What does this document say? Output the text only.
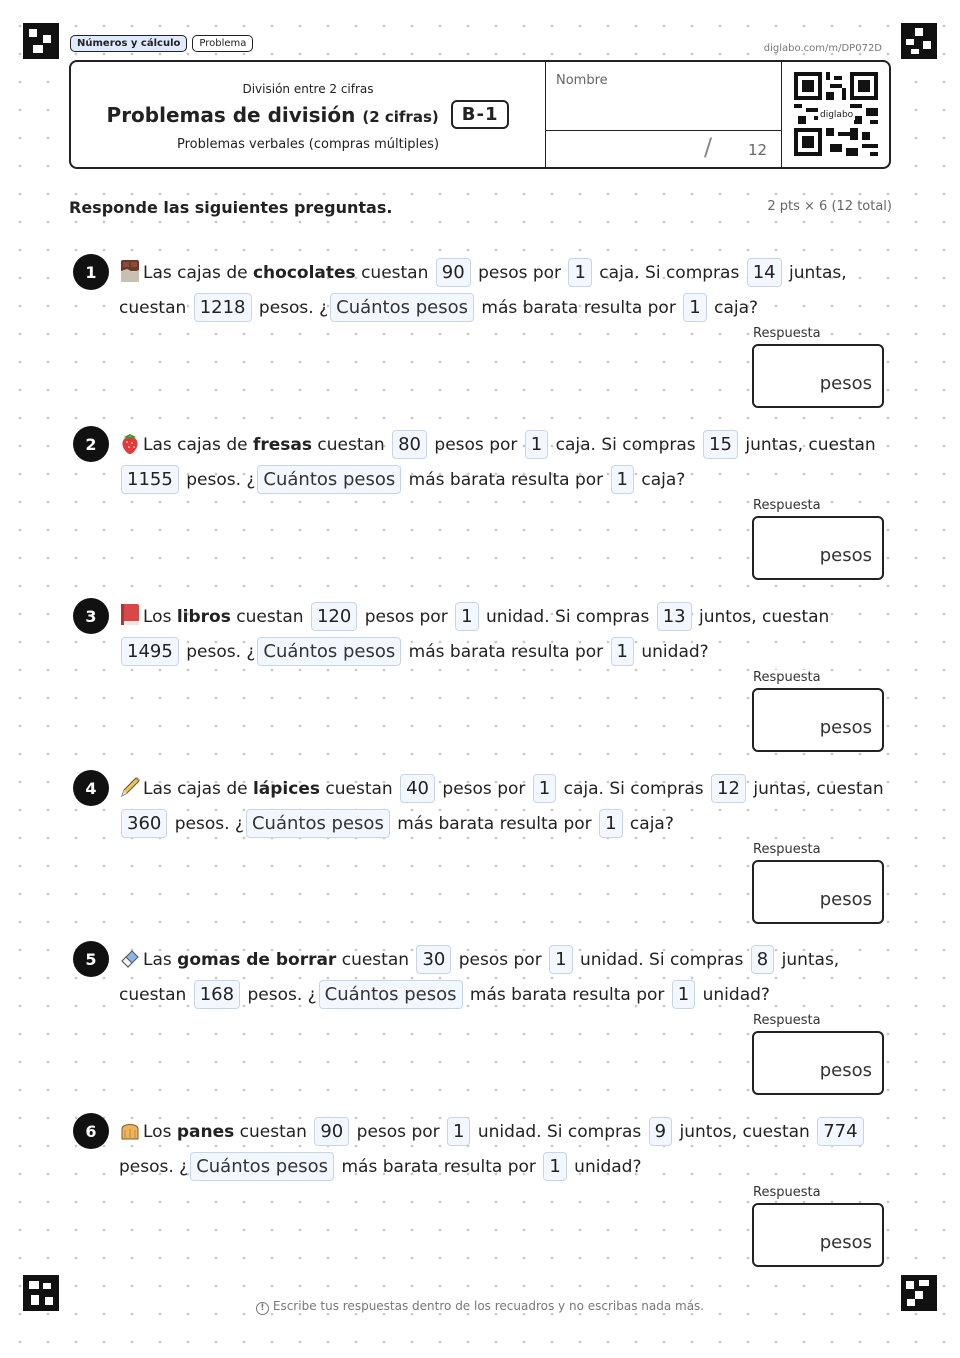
Números y cálculo	Problema	diglabo.com/m/DP072D
División entre 2 cifras
Problemas de división (2 cifras)	B-1
Problemas verbales (compras múltiples)
Nombre
/ 12
diglabo
Responde las siguientes preguntas.	2 pts × 6 (12 total)
1	Las cajas de chocolates cuestan 90 pesos por 1 caja. Si compras 14 juntas, cuestan 1218 pesos. ¿ Cuántos pesos más barata resulta por 1 caja?
Respuesta
pesos
2	Las cajas de fresas cuestan 80 pesos por 1 caja. Si compras 15 juntas, cuestan 1155 pesos. ¿ Cuántos pesos más barata resulta por 1 caja?
Respuesta
pesos
3	Los libros cuestan 120 pesos por 1 unidad. Si compras 13 juntos, cuestan 1495 pesos. ¿ Cuántos pesos más barata resulta por 1 unidad?
Respuesta
pesos
4	Las cajas de lápices cuestan 40 pesos por 1 caja. Si compras 12 juntas, cuestan 360 pesos. ¿ Cuántos pesos más barata resulta por 1 caja?
Respuesta
pesos
5	Las gomas de borrar cuestan 30 pesos por 1 unidad. Si compras 8 juntas, cuestan 168 pesos. ¿ Cuántos pesos más barata resulta por 1 unidad?
Respuesta
pesos
6	Los panes cuestan 90 pesos por 1 unidad. Si compras 9 juntos, cuestan 774 pesos. ¿ Cuántos pesos más barata resulta por 1 unidad?
Respuesta
pesos
! Escribe tus respuestas dentro de los recuadros y no escribas nada más.
